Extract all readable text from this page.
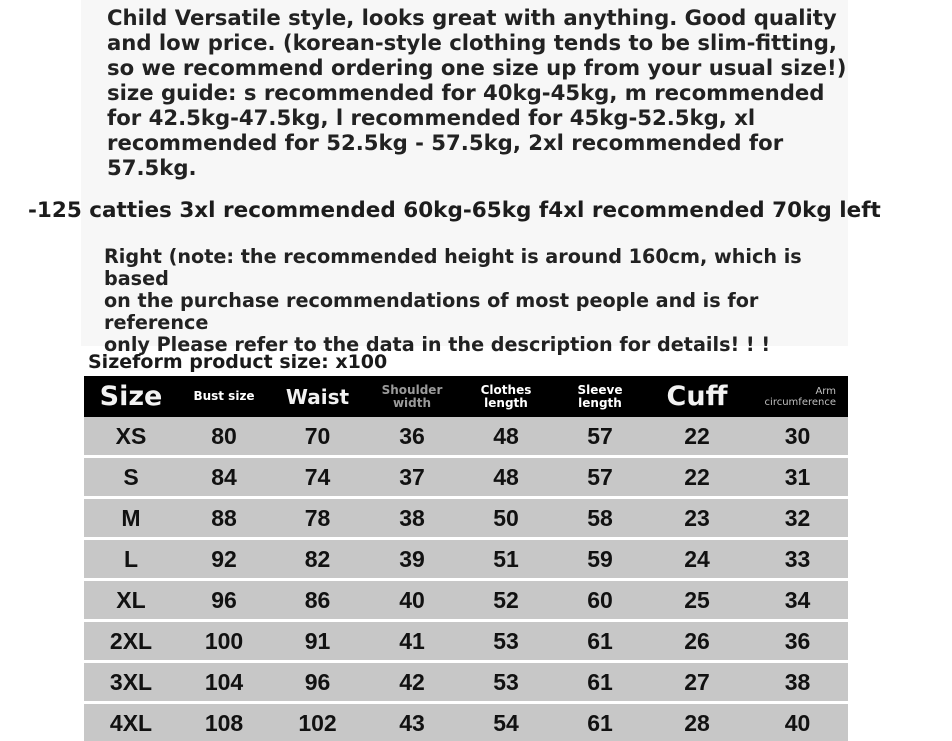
Child Versatile style, looks great with anything. Good quality
and low price. (korean-style clothing tends to be slim-fitting,
so we recommend ordering one size up from your usual size!)
size guide: s recommended for 40kg-45kg, m recommended
for 42.5kg-47.5kg, l recommended for 45kg-52.5kg, xl
recommended for 52.5kg - 57.5kg, 2xl recommended for
57.5kg.

-125 catties 3xl recommended 60kg-65kg f4xl recommended 70kg left

Right (note: the recommended height is around 160cm, which is based
on the purchase recommendations of most people and is for reference
only Please refer to the data in the description for details! ! !

Sizeform product size: x100

Size	Bust size	Waist	Shoulder
width	Clothes
length	Sleeve
length	Cuff	Arm
circumference
XS	80	70	36	48	57	22	30
S	84	74	37	48	57	22	31
M	88	78	38	50	58	23	32
L	92	82	39	51	59	24	33
XL	96	86	40	52	60	25	34
2XL	100	91	41	53	61	26	36
3XL	104	96	42	53	61	27	38
4XL	108	102	43	54	61	28	40
